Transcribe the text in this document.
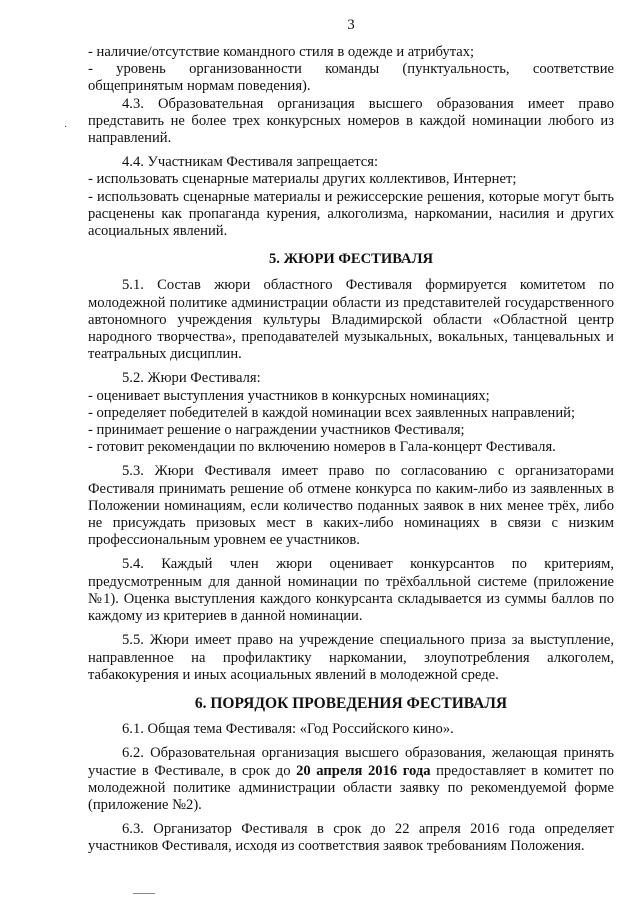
3

- наличие/отсутствие командного стиля в одежде и атрибутах;

- уровень организованности команды (пунктуальность, соответствие общепринятым нормам поведения).

4.3. Образовательная организация высшего образования имеет право представить не более трех конкурсных номеров в каждой номинации любого из направлений.

4.4. Участникам Фестиваля запрещается:

- использовать сценарные материалы других коллективов, Интернет;

- использовать сценарные материалы и режиссерские решения, которые могут быть расценены как пропаганда курения, алкоголизма, наркомании, насилия и других асоциальных явлений.

5. ЖЮРИ ФЕСТИВАЛЯ

5.1. Состав жюри областного Фестиваля формируется комитетом по молодежной политике администрации области из представителей государственного автономного учреждения культуры Владимирской области «Областной центр народного творчества», преподавателей музыкальных, вокальных, танцевальных и театральных дисциплин.

5.2. Жюри Фестиваля:

- оценивает выступления участников в конкурсных номинациях;

- определяет победителей в каждой номинации всех заявленных направлений;

- принимает решение о награждении участников Фестиваля;

- готовит рекомендации по включению номеров в Гала-концерт Фестиваля.

5.3. Жюри Фестиваля имеет право по согласованию с организаторами Фестиваля принимать решение об отмене конкурса по каким-либо из заявленных в Положении номинациям, если количество поданных заявок в них менее трёх, либо не присуждать призовых мест в каких-либо номинациях в связи с низким профессиональным уровнем ее участников.

5.4. Каждый член жюри оценивает конкурсантов по критериям, предусмотренным для данной номинации по трёхбалльной системе (приложение №1). Оценка выступления каждого конкурсанта складывается из суммы баллов по каждому из критериев в данной номинации.

5.5. Жюри имеет право на учреждение специального приза за выступление, направленное на профилактику наркомании, злоупотребления алкоголем, табакокурения и иных асоциальных явлений в молодежной среде.

6. ПОРЯДОК ПРОВЕДЕНИЯ ФЕСТИВАЛЯ

6.1. Общая тема Фестиваля: «Год Российского кино».

6.2. Образовательная организация высшего образования, желающая принять участие в Фестивале, в срок до 20 апреля 2016 года предоставляет в комитет по молодежной политике администрации области заявку по рекомендуемой форме (приложение №2).

6.3. Организатор Фестиваля в срок до 22 апреля 2016 года определяет участников Фестиваля, исходя из соответствия заявок требованиям Положения.

·
